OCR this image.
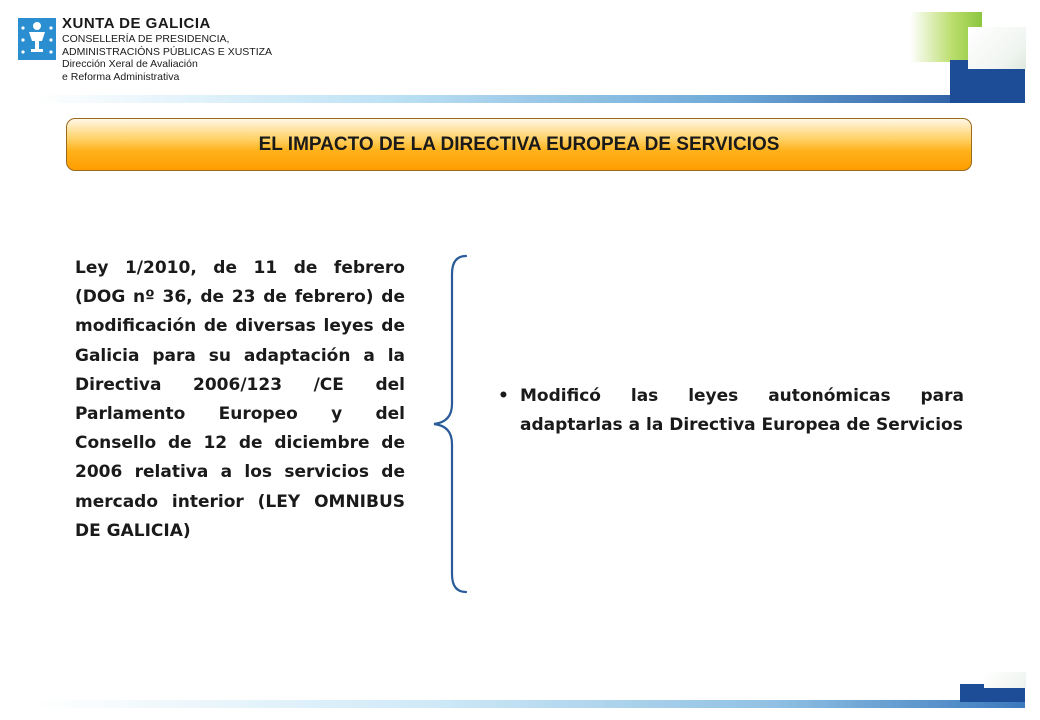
XUNTA DE GALICIA
CONSELLERÍA DE PRESIDENCIA,
ADMINISTRACIÓNS PÚBLICAS E XUSTIZA
Dirección Xeral de Avaliación
e Reforma Administrativa
EL IMPACTO DE LA DIRECTIVA EUROPEA DE SERVICIOS
Ley 1/2010, de 11 de febrero (DOG nº 36, de 23 de febrero) de modificación de diversas leyes de Galicia para su adaptación a la Directiva 2006/123 /CE del Parlamento Europeo y del Consello de 12 de diciembre de 2006 relativa a los servicios de mercado interior (LEY OMNIBUS DE GALICIA)
• Modificó las leyes autonómicas para adaptarlas a la Directiva Europea de Servicios
